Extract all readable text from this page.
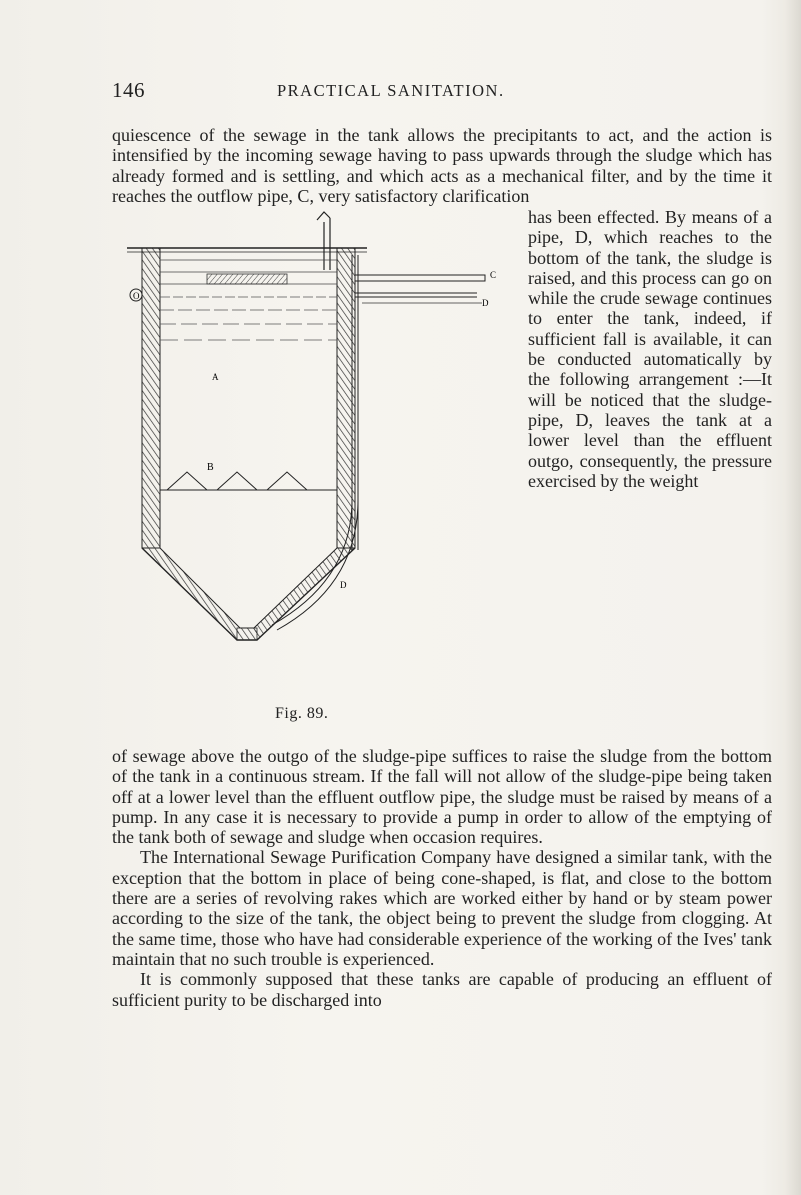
146	PRACTICAL SANITATION.

quiescence of the sewage in the tank allows the precipitants to act, and the action is intensified by the incoming sewage having to pass upwards through the sludge which has already formed and is settling, and which acts as a mechanical filter, and by the time it reaches the outflow pipe, C, very satisfactory clarification

O
B
A
C
D
D
Fig. 89.

has been effected. By means of a pipe, D, which reaches to the bottom of the tank, the sludge is raised, and this process can go on while the crude sewage continues to enter the tank, indeed, if sufficient fall is available, it can be conducted automatically by the following arrangement :—It will be noticed that the sludge-pipe, D, leaves the tank at a lower level than the effluent outgo, consequently, the pressure exercised by the weight

of sewage above the outgo of the sludge-pipe suffices to raise the sludge from the bottom of the tank in a continuous stream. If the fall will not allow of the sludge-pipe being taken off at a lower level than the effluent outflow pipe, the sludge must be raised by means of a pump. In any case it is necessary to provide a pump in order to allow of the emptying of the tank both of sewage and sludge when occasion requires.

The International Sewage Purification Company have designed a similar tank, with the exception that the bottom in place of being cone-shaped, is flat, and close to the bottom there are a series of revolving rakes which are worked either by hand or by steam power according to the size of the tank, the object being to prevent the sludge from clogging. At the same time, those who have had considerable experience of the working of the Ives' tank maintain that no such trouble is experienced.

It is commonly supposed that these tanks are capable of producing an effluent of sufficient purity to be discharged into
